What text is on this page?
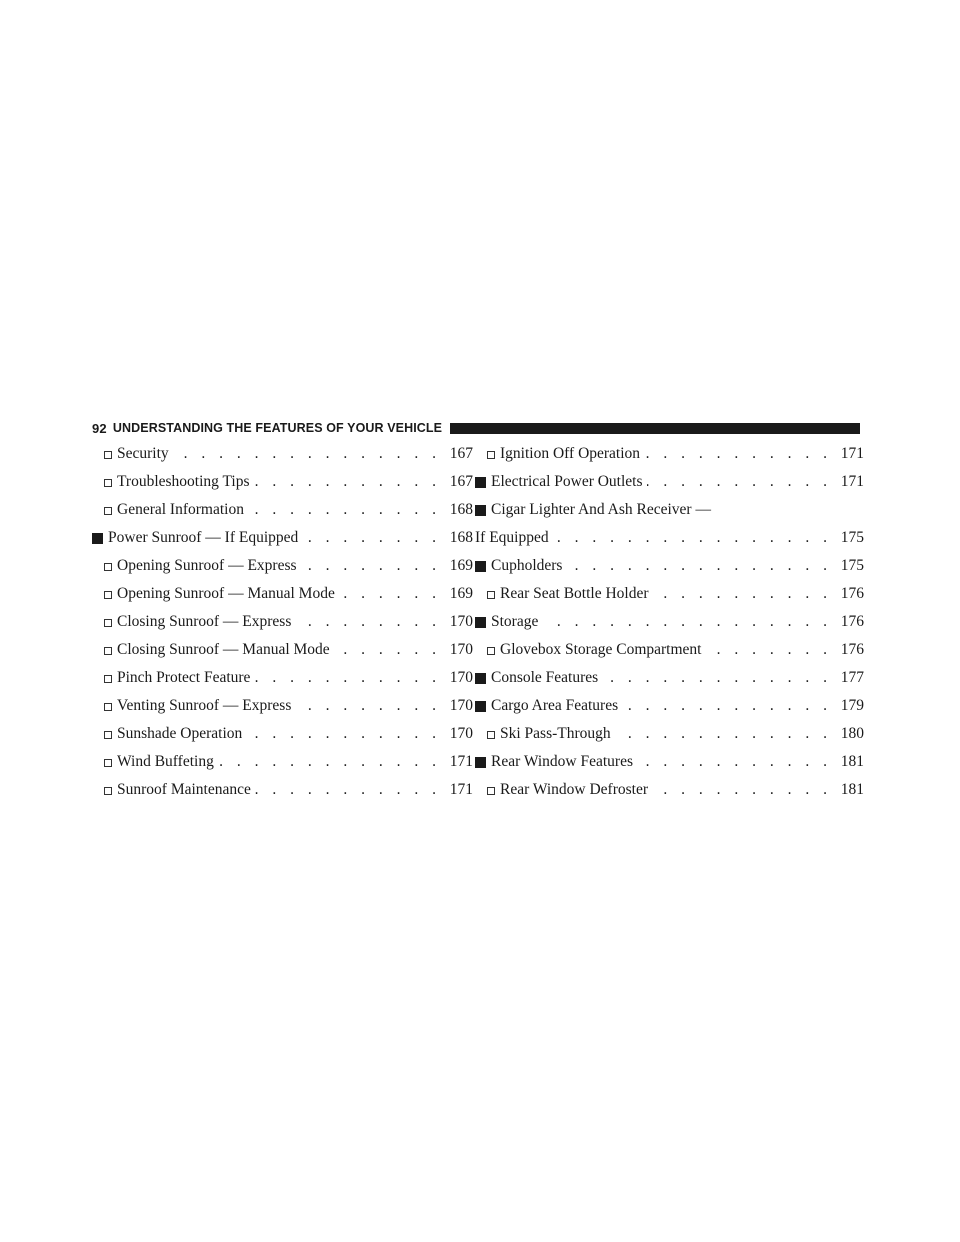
92 UNDERSTANDING THE FEATURES OF YOUR VEHICLE
Security . . .	167
Troubleshooting Tips . . .	167
General Information . . .	168
Power Sunroof — If Equipped . . .	168
Opening Sunroof — Express . . .	169
Opening Sunroof — Manual Mode . . .	169
Closing Sunroof — Express . . .	170
Closing Sunroof — Manual Mode . . .	170
Pinch Protect Feature . . .	170
Venting Sunroof — Express . . .	170
Sunshade Operation . . .	170
Wind Buffeting . . .	171
Sunroof Maintenance . . .	171
Ignition Off Operation . . .	171
Electrical Power Outlets . . .	171
Cigar Lighter And Ash Receiver —
If Equipped . . .	175
Cupholders . . .	175
Rear Seat Bottle Holder . . .	176
Storage . . .	176
Glovebox Storage Compartment . . .	176
Console Features . . .	177
Cargo Area Features . . .	179
Ski Pass-Through . . .	180
Rear Window Features . . .	181
Rear Window Defroster . . .	181
